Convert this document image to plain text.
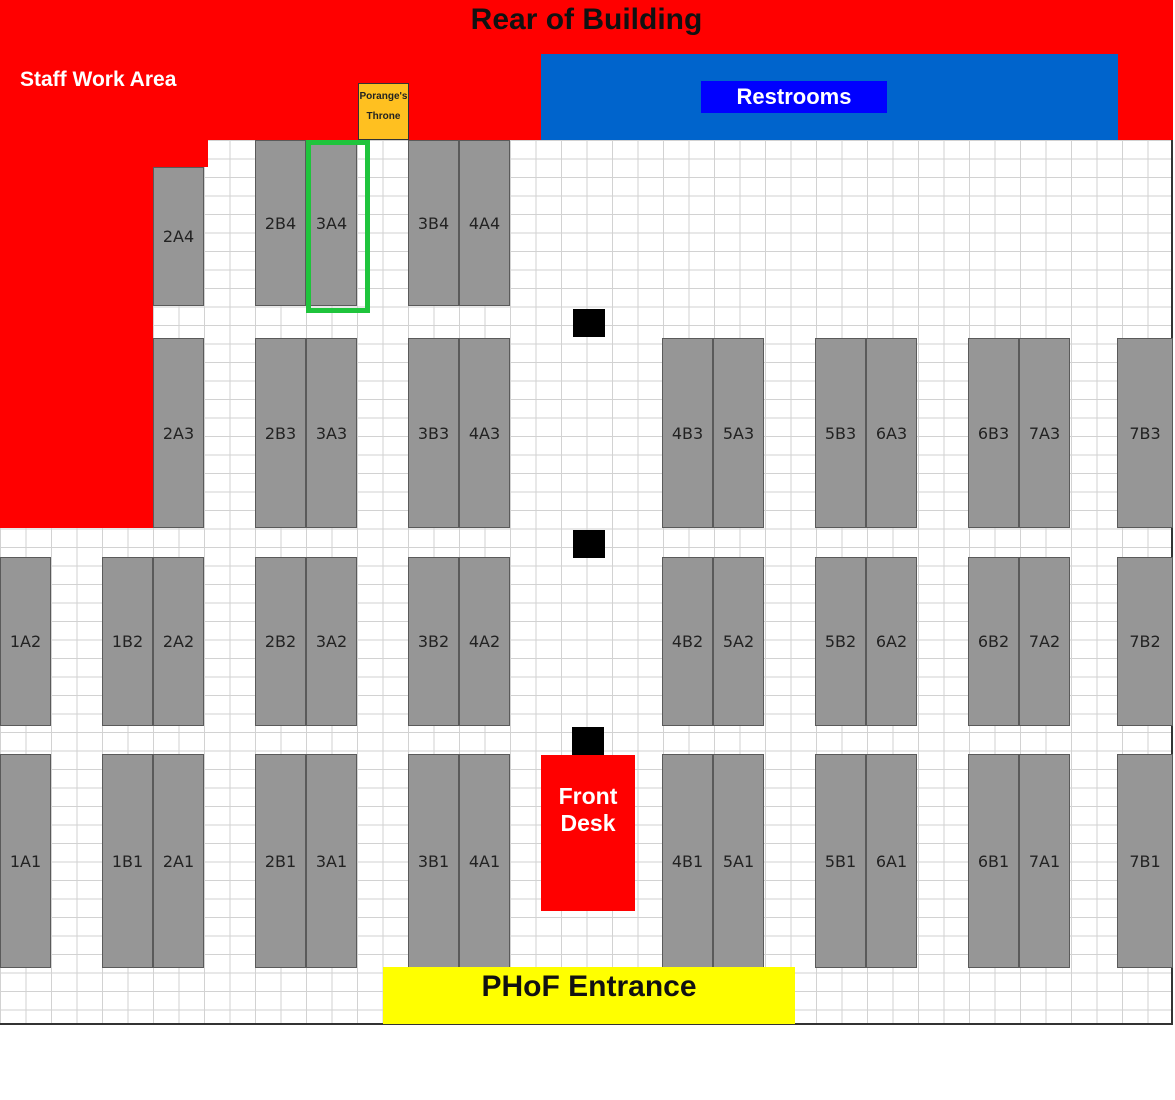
Rear of Building
Staff Work Area
Restrooms
Porange's
Throne
2A4
2B4	3A4	3B4	4A4
2A3	2B3	3A3	3B3	4A3	4B3	5A3	5B3	6A3	6B3	7A3	7B3
1A2	1B2	2A2	2B2	3A2	3B2	4A2	4B2	5A2	5B2	6A2	6B2	7A2	7B2
1A1	1B1	2A1	2B1	3A1	3B1	4A1	4B1	5A1	5B1	6A1	6B1	7A1	7B1
Front
Desk
PHoF Entrance
